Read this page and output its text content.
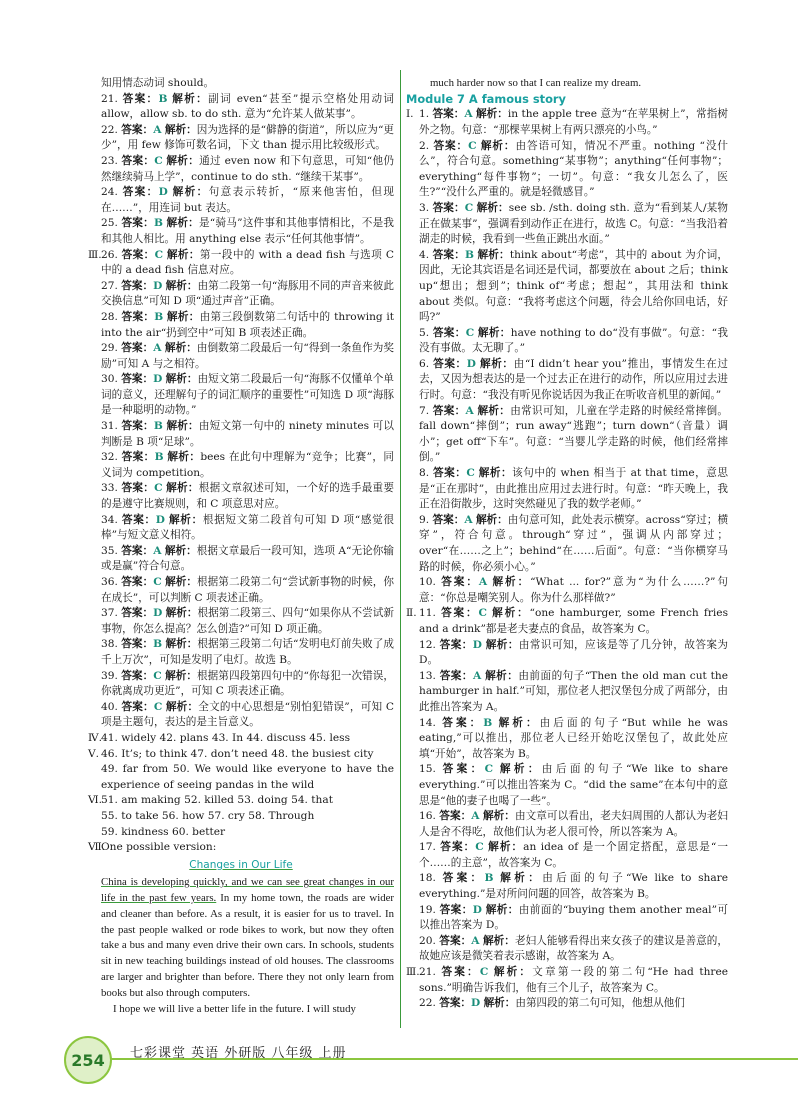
知用情态动词 should。

21. 答案：B 解析：副词 even“甚至”提示空格处用动词 allow，allow sb. to do sth. 意为“允许某人做某事”。

22. 答案：A 解析：因为选择的是“僻静的街道”，所以应为“更少”，用 few 修饰可数名词，下文 than 提示用比较级形式。

23. 答案：C 解析：通过 even now 和下句意思，可知“他仍然继续骑马上学”，continue to do sth. “继续干某事”。

24. 答案：D 解析：句意表示转折，“原来他害怕，但现在……”，用连词 but 表达。

25. 答案：B 解析：是“骑马”这件事和其他事情相比，不是我和其他人相比。用 anything else 表示“任何其他事情”。

Ⅲ.26. 答案：C 解析：第一段中的 with a dead fish 与选项 C 中的 a dead fish 信息对应。

27. 答案：D 解析：由第二段第一句“海豚用不同的声音来彼此交换信息”可知 D 项“通过声音”正确。

28. 答案：B 解析：由第三段倒数第二句话中的 throwing it into the air“扔到空中”可知 B 项表述正确。

29. 答案：A 解析：由倒数第二段最后一句“得到一条鱼作为奖励”可知 A 与之相符。

30. 答案：D 解析：由短文第二段最后一句“海豚不仅懂单个单词的意义，还理解句子的词汇顺序的重要性”可知选 D 项“海豚是一种聪明的动物。”

31. 答案：B 解析：由短文第一句中的 ninety minutes 可以判断是 B 项“足球”。

32. 答案：B 解析：bees 在此句中理解为“竞争；比赛”，同义词为 competition。

33. 答案：C 解析：根据文章叙述可知，一个好的选手最重要的是遵守比赛规则，和 C 项意思对应。

34. 答案：D 解析：根据短文第二段首句可知 D 项“感觉很棒”与短文意义相符。

35. 答案：A 解析：根据文章最后一段可知，选项 A“无论你输或是赢”符合句意。

36. 答案：C 解析：根据第二段第二句“尝试新事物的时候，你在成长”，可以判断 C 项表述正确。

37. 答案：D 解析：根据第二段第三、四句“如果你从不尝试新事物，你怎么提高？怎么创造?”可知 D 项正确。

38. 答案：B 解析：根据第三段第二句话“发明电灯前失败了成千上万次”，可知是发明了电灯。故选 B。

39. 答案：C 解析：根据第四段第四句中的“你每犯一次错误，你就离成功更近”，可知 C 项表述正确。

40. 答案：C 解析：全文的中心思想是“别怕犯错误”，可知 C 项是主题句，表达的是主旨意义。

Ⅳ.41. widely 42. plans 43. In 44. discuss 45. less

Ⅴ. 46. It’s; to think 47. don’t need 48. the busiest city

49. far from 50. We would like everyone to have the experience of seeing pandas in the wild

Ⅵ.51. am making 52. killed 53. doing 54. that

55. to take 56. how 57. cry 58. Through

59. kindness 60. better

Ⅶ.One possible version:

Changes in Our Life

China is developing quickly, and we can see great changes in our life in the past few years. In my home town, the roads are wider and cleaner than before. As a result, it is easier for us to travel. In the past people walked or rode bikes to work, but now they often take a bus and many even drive their own cars. In schools, students sit in new teaching buildings instead of old houses. The classrooms are larger and brighter than before. There they not only learn from books but also through computers.

I hope we will live a better life in the future. I will study

much harder now so that I can realize my dream.

Module 7 A famous story

Ⅰ. 1. 答案：A 解析：in the apple tree 意为“在苹果树上”，常指树外之物。句意：“那棵苹果树上有两只漂亮的小鸟。”

2. 答案：C 解析：由答语可知，情况不严重。nothing “没什么”，符合句意。something“某事物”；anything“任何事物”；everything“每件事物”；一切”。句意：“我女儿怎么了，医生?”“没什么严重的。就是轻微感冒。”

3. 答案：C 解析：see sb. /sth. doing sth. 意为“看到某人/某物正在做某事”，强调看到动作正在进行，故选 C。句意：“当我沿着湖走的时候，我看到一些鱼正跳出水面。”

4. 答案：B 解析：think about“考虑”，其中的 about 为介词，因此，无论其宾语是名词还是代词，都要放在 about 之后；think up“想出；想到”；think of“考虑；想起”，其用法和 think about 类似。句意：“我将考虑这个问题，待会儿给你回电话，好吗?”

5. 答案：C 解析：have nothing to do“没有事做”。句意：“我没有事做。太无聊了。”

6. 答案：D 解析：由“I didn’t hear you”推出，事情发生在过去，又因为想表达的是一个过去正在进行的动作，所以应用过去进行时。句意：“我没有听见你说话因为我正在听收音机里的新闻。”

7. 答案：A 解析：由常识可知，儿童在学走路的时候经常摔倒。fall down“摔倒”；run away“逃跑”；turn down“（音量）调小”；get off“下车”。句意：“当婴儿学走路的时候，他们经常摔倒。”

8. 答案：C 解析：该句中的 when 相当于 at that time，意思是“正在那时”，由此推出应用过去进行时。句意：“昨天晚上，我正在沿街散步，这时突然碰见了我的数学老师。”

9. 答案：A 解析：由句意可知，此处表示横穿。across“穿过；横穿”，符合句意。through“穿过”，强调从内部穿过；over“在……之上”；behind“在……后面”。句意：“当你横穿马路的时候，你必须小心。”

10. 答案：A 解析：“What ... for?”意为“为什么……?”句意：“你总是嘲笑别人。你为什么那样做?”

Ⅱ. 11. 答案：C 解析：“one hamburger, some French fries and a drink”都是老夫妻点的食品，故答案为 C。

12. 答案：D 解析：由常识可知，应该是等了几分钟，故答案为 D。

13. 答案：A 解析：由前面的句子“Then the old man cut the hamburger in half.”可知，那位老人把汉堡包分成了两部分，由此推出答案为 A。

14. 答案：B 解析：由后面的句子“But while he was eating,”可以推出，那位老人已经开始吃汉堡包了，故此处应填“开始”，故答案为 B。

15. 答案：C 解析：由后面的句子“We like to share everything.”可以推出答案为 C。“did the same”在本句中的意思是“他的妻子也喝了一些”。

16. 答案：A 解析：由文章可以看出，老夫妇周围的人都认为老妇人是舍不得吃，故他们认为老人很可怜，所以答案为 A。

17. 答案：C 解析：an idea of 是一个固定搭配，意思是“一个……的主意”，故答案为 C。

18. 答案：B 解析：由后面的句子“We like to share everything.”是对所问问题的回答，故答案为 B。

19. 答案：D 解析：由前面的“buying them another meal”可以推出答案为 D。

20. 答案：A 解析：老妇人能够看得出来女孩子的建议是善意的，故她应该是微笑着表示感谢，故答案为 A。

Ⅲ.21. 答案：C 解析：文章第一段的第二句“He had three sons.”明确告诉我们，他有三个儿子，故答案为 C。

22. 答案：D 解析：由第四段的第二句可知，他想从他们

254	七彩课堂 英语 外研版 八年级 上册
